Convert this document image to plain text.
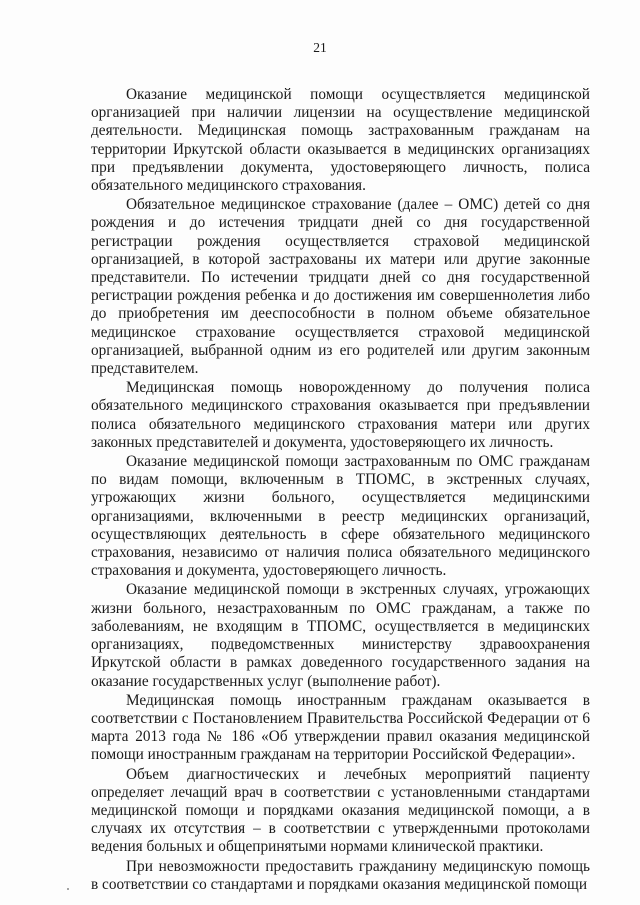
21

Оказание медицинской помощи осуществляется медицинской организацией при наличии лицензии на осуществление медицинской деятельности. Медицинская помощь застрахованным гражданам на территории Иркутской области оказывается в медицинских организациях при предъявлении документа, удостоверяющего личность, полиса обязательного медицинского страхования.

Обязательное медицинское страхование (далее – ОМС) детей со дня рождения и до истечения тридцати дней со дня государственной регистрации рождения осуществляется страховой медицинской организацией, в которой застрахованы их матери или другие законные представители. По истечении тридцати дней со дня государственной регистрации рождения ребенка и до достижения им совершеннолетия либо до приобретения им дееспособности в полном объеме обязательное медицинское страхование осуществляется страховой медицинской организацией, выбранной одним из его родителей или другим законным представителем.

Медицинская помощь новорожденному до получения полиса обязательного медицинского страхования оказывается при предъявлении полиса обязательного медицинского страхования матери или других законных представителей и документа, удостоверяющего их личность.

Оказание медицинской помощи застрахованным по ОМС гражданам по видам помощи, включенным в ТПОМС, в экстренных случаях, угрожающих жизни больного, осуществляется медицинскими организациями, включенными в реестр медицинских организаций, осуществляющих деятельность в сфере обязательного медицинского страхования, независимо от наличия полиса обязательного медицинского страхования и документа, удостоверяющего личность.

Оказание медицинской помощи в экстренных случаях, угрожающих жизни больного, незастрахованным по ОМС гражданам, а также по заболеваниям, не входящим в ТПОМС, осуществляется в медицинских организациях, подведомственных министерству здравоохранения Иркутской области в рамках доведенного государственного задания на оказание государственных услуг (выполнение работ).

Медицинская помощь иностранным гражданам оказывается в соответствии с Постановлением Правительства Российской Федерации от 6 марта 2013 года № 186 «Об утверждении правил оказания медицинской помощи иностранным гражданам на территории Российской Федерации».

Объем диагностических и лечебных мероприятий пациенту определяет лечащий врач в соответствии с установленными стандартами медицинской помощи и порядками оказания медицинской помощи, а в случаях их отсутствия – в соответствии с утвержденными протоколами ведения больных и общепринятыми нормами клинической практики.

При невозможности предоставить гражданину медицинскую помощь в соответствии со стандартами и порядками оказания медицинской помощи
